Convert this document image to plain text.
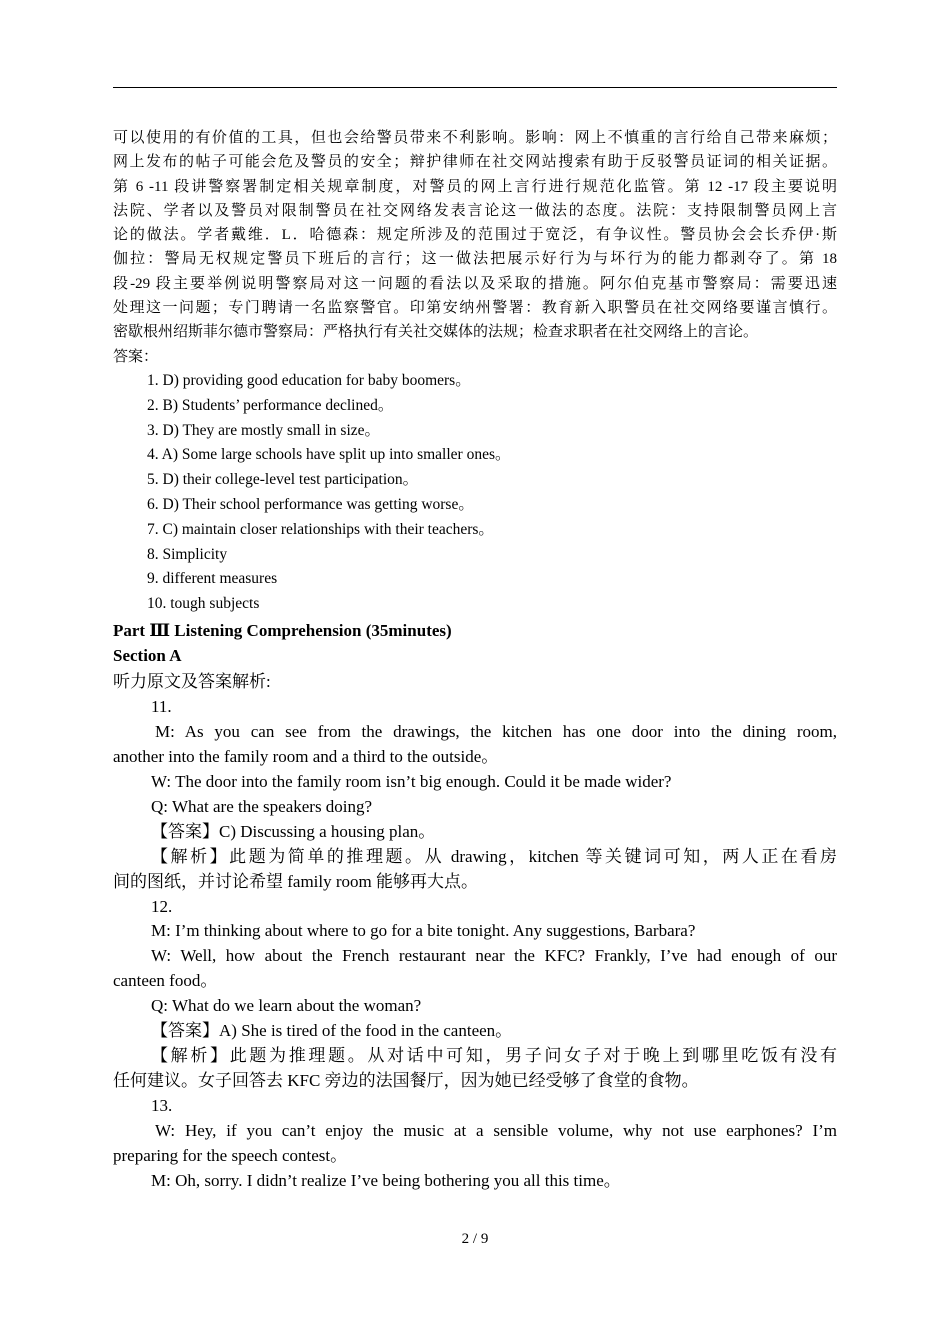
可以使用的有价值的工具，但也会给警员带来不利影响。影响：网上不慎重的言行给自己带来麻烦；

网上发布的帖子可能会危及警员的安全；辩护律师在社交网站搜索有助于反驳警员证词的相关证据。

第 6 -11 段讲警察署制定相关规章制度，对警员的网上言行进行规范化监管。第 12 -17 段主要说明

法院、学者以及警员对限制警员在社交网络发表言论这一做法的态度。法院：支持限制警员网上言

论的做法。学者戴维．L．哈德森：规定所涉及的范围过于宽泛，有争议性。警员协会会长乔伊·斯

伽拉：警局无权规定警员下班后的言行；这一做法把展示好行为与坏行为的能力都剥夺了。第 18

段-29 段主要举例说明警察局对这一问题的看法以及采取的措施。阿尔伯克基市警察局：需要迅速

处理这一问题；专门聘请一名监察警官。印第安纳州警署：教育新入职警员在社交网络要谨言慎行。

密歇根州绍斯菲尔德市警察局：严格执行有关社交媒体的法规；检查求职者在社交网络上的言论。

答案：

1. D) providing good education for baby boomers。
2. B) Students’ performance declined。
3. D) They are mostly small in size。
4. A) Some large schools have split up into smaller ones。
5. D) their college-level test participation。
6. D) Their school performance was getting worse。
7. C) maintain closer relationships with their teachers。
8. Simplicity
9. different measures
10. tough subjects

Part Ⅲ Listening Comprehension (35minutes)

Section A

听力原文及答案解析:

11.

M: As you can see from the drawings, the kitchen has one door into the dining room,

another into the family room and a third to the outside。

W: The door into the family room isn’t big enough. Could it be made wider?

Q: What are the speakers doing?

【答案】C) Discussing a housing plan。

【解析】此题为简单的推理题。从 drawing，kitchen 等关键词可知，两人正在看房

间的图纸，并讨论希望 family room 能够再大点。

12.

M: I’m thinking about where to go for a bite tonight. Any suggestions, Barbara?

W: Well, how about the French restaurant near the KFC? Frankly, I’ve had enough of our

canteen food。

Q: What do we learn about the woman?

【答案】A) She is tired of the food in the canteen。

【解析】此题为推理题。从对话中可知，男子问女子对于晚上到哪里吃饭有没有

任何建议。女子回答去 KFC 旁边的法国餐厅，因为她已经受够了食堂的食物。

13.

W: Hey, if you can’t enjoy the music at a sensible volume, why not use earphones? I’m

preparing for the speech contest。

M: Oh, sorry. I didn’t realize I’ve being bothering you all this time。

2 / 9
